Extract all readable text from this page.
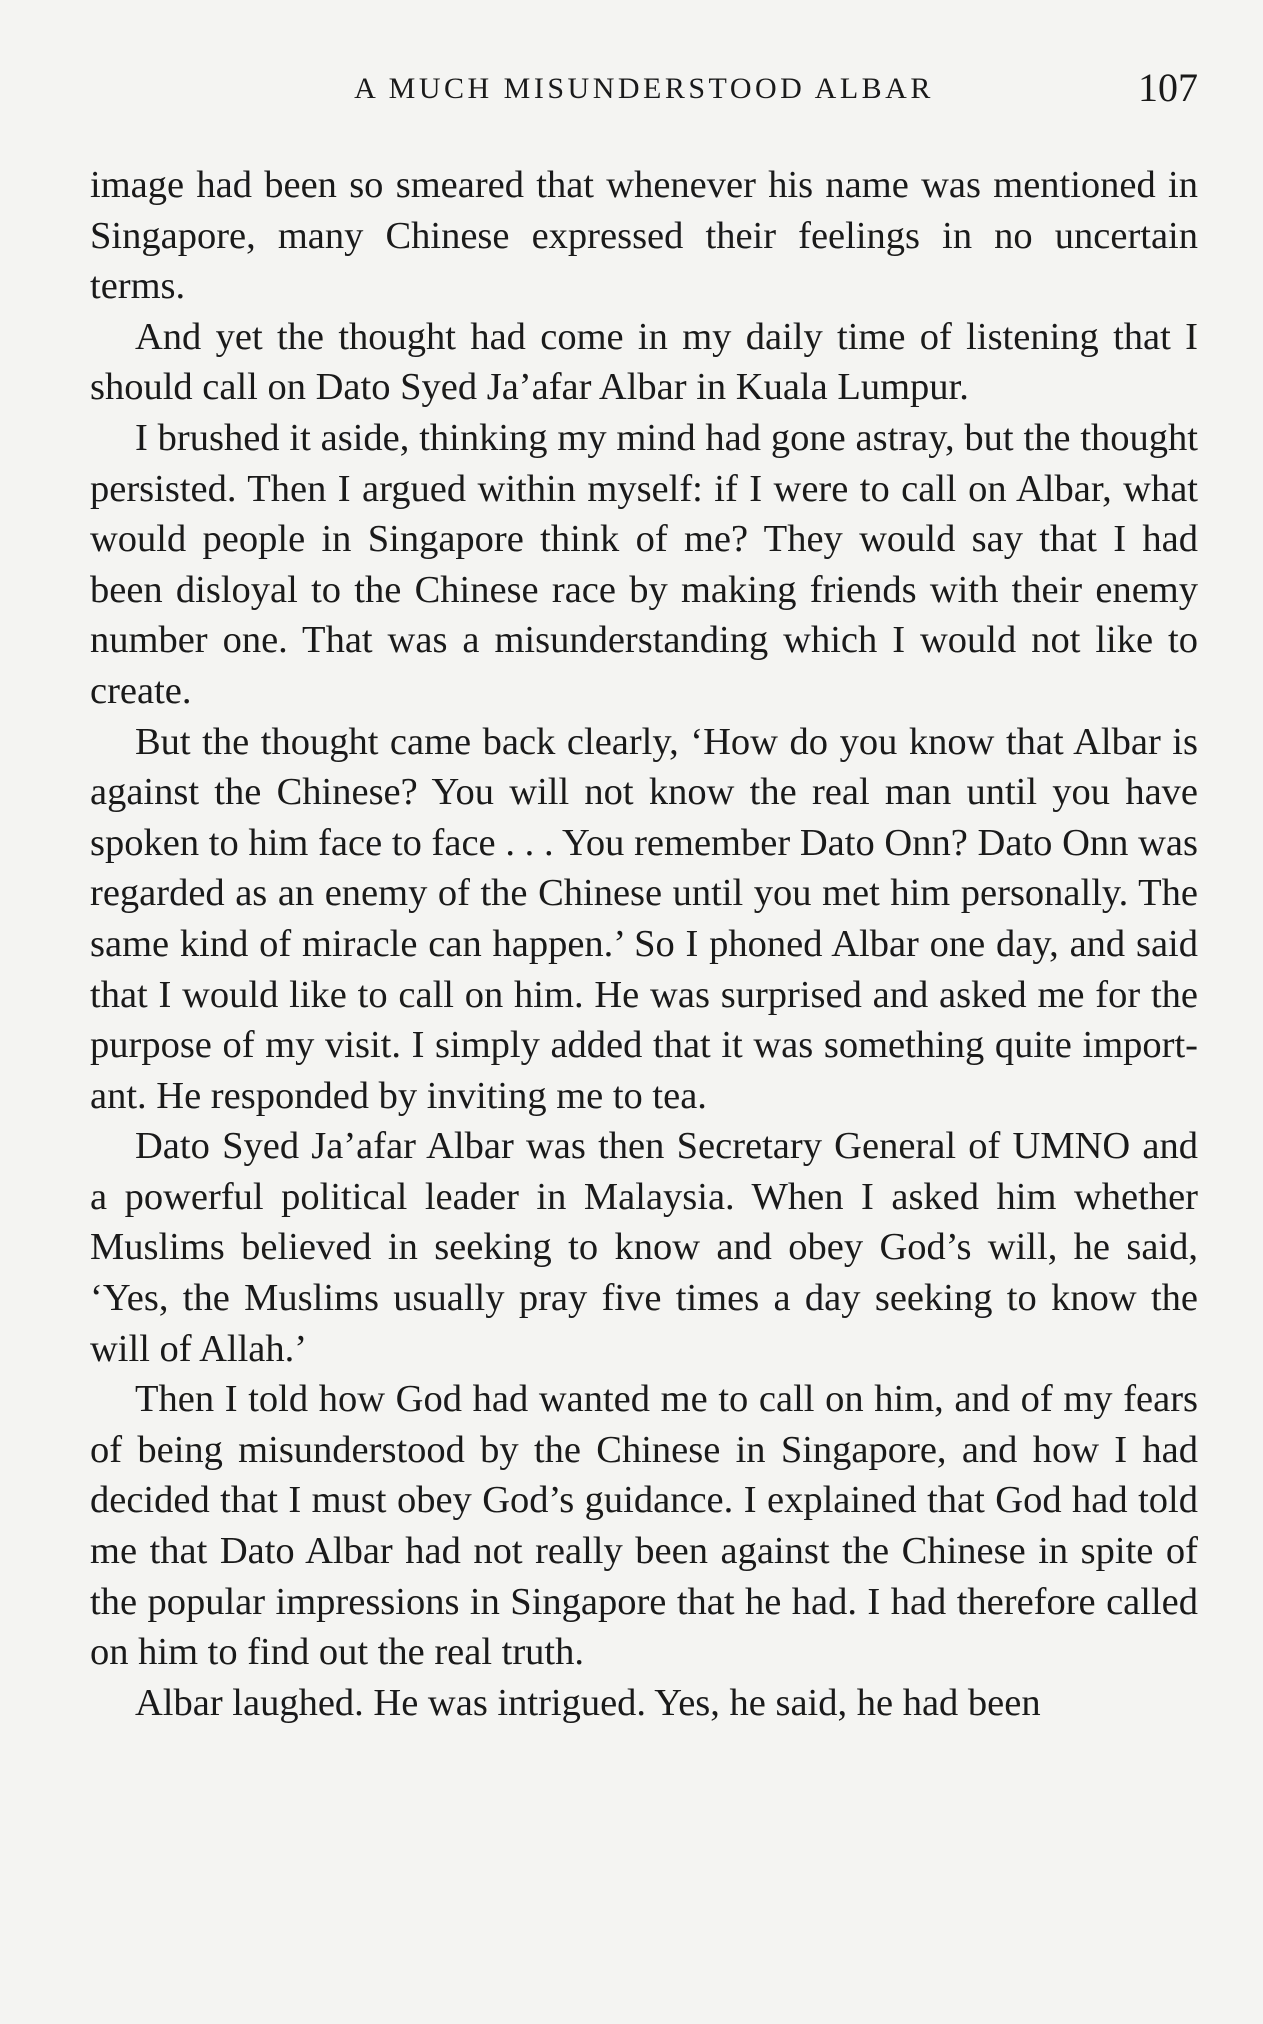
A MUCH MISUNDERSTOOD ALBAR	107

image had been so smeared that whenever his name was mentioned in Singapore, many Chinese expressed their feelings in no uncertain terms.

And yet the thought had come in my daily time of listening that I should call on Dato Syed Ja’afar Albar in Kuala Lumpur.

I brushed it aside, thinking my mind had gone astray, but the thought persisted. Then I argued within myself: if I were to call on Albar, what would people in Singapore think of me? They would say that I had been disloyal to the Chinese race by making friends with their enemy number one. That was a misunderstanding which I would not like to create.

But the thought came back clearly, ‘How do you know that Albar is against the Chinese? You will not know the real man until you have spoken to him face to face . . . You remember Dato Onn? Dato Onn was regarded as an enemy of the Chinese until you met him personally. The same kind of miracle can happen.’ So I phoned Albar one day, and said that I would like to call on him. He was surprised and asked me for the purpose of my visit. I simply added that it was something quite important. He responded by inviting me to tea.

Dato Syed Ja’afar Albar was then Secretary General of UMNO and a powerful political leader in Malaysia. When I asked him whether Muslims believed in seeking to know and obey God’s will, he said, ‘Yes, the Muslims usually pray five times a day seeking to know the will of Allah.’

Then I told how God had wanted me to call on him, and of my fears of being misunderstood by the Chinese in Singapore, and how I had decided that I must obey God’s guidance. I explained that God had told me that Dato Albar had not really been against the Chinese in spite of the popular impressions in Singapore that he had. I had therefore called on him to find out the real truth.

Albar laughed. He was intrigued. Yes, he said, he had been
